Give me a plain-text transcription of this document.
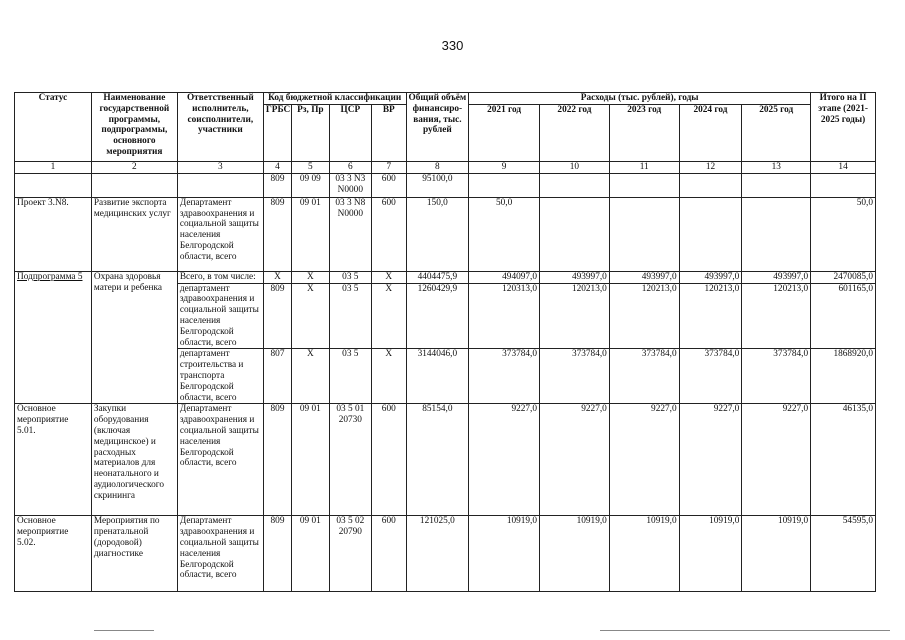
330
Статус	Наименование государственной программы, подпрограммы, основного мероприятия	Ответственный исполнитель, соисполнители, участники	Код бюджетной классификации				Общий объём финансиро-вания, тыс. рублей	Расходы (тыс. рублей), годы					Итого на II этапе (2021-2025 годы)
			ГРБС	Рз, Пр	ЦСР	ВР		2021 год	2022 год	2023 год	2024 год	2025 год	
1	2	3	4	5	6	7	8	9	10	11	12	13	14
			809	09 09	03 3 N3 N0000	600	95100,0						
Проект 3.N8.	Развитие экспорта медицинских услуг	Департамент здравоохранения и социальной защиты населения Белгородской области, всего	809	09 01	03 3 N8 N0000	600	150,0	50,0					50,0
Подпрограмма 5	Охрана здоровья матери и ребенка	Всего, в том числе:	X	X	03 5	X	4404475,9	494097,0	493997,0	493997,0	493997,0	493997,0	2470085,0
		департамент здравоохранения и социальной защиты населения Белгородской области, всего	809	X	03 5	X	1260429,9	120313,0	120213,0	120213,0	120213,0	120213,0	601165,0
		департамент строительства и транспорта Белгородской области, всего	807	X	03 5	X	3144046,0	373784,0	373784,0	373784,0	373784,0	373784,0	1868920,0
Основное мероприятие 5.01.	Закупки оборудования (включая медицинское) и расходных материалов для неонатального и аудиологического скрининга	Департамент здравоохранения и социальной защиты населения Белгородской области, всего	809	09 01	03 5 01 20730	600	85154,0	9227,0	9227,0	9227,0	9227,0	9227,0	46135,0
Основное мероприятие 5.02.	Мероприятия по пренатальной (дородовой) диагностике	Департамент здравоохранения и социальной защиты населения Белгородской области, всего	809	09 01	03 5 02 20790	600	121025,0	10919,0	10919,0	10919,0	10919,0	10919,0	54595,0
